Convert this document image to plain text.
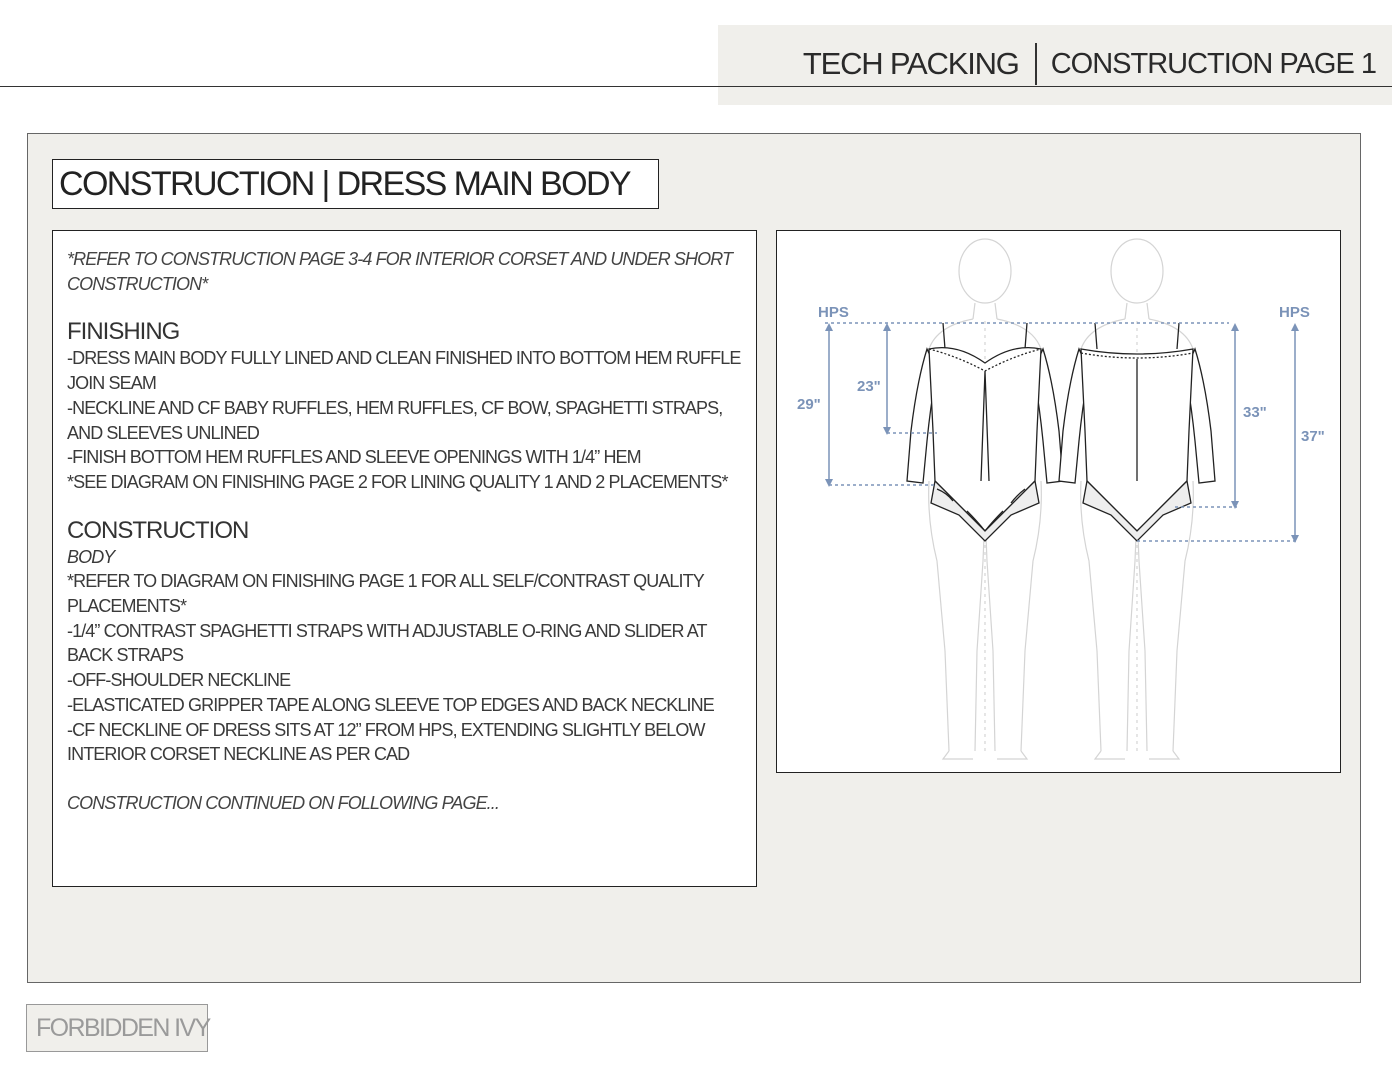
TECH PACKING CONSTRUCTION PAGE 1
CONSTRUCTION | DRESS MAIN BODY

*REFER TO CONSTRUCTION PAGE 3-4 FOR INTERIOR CORSET AND UNDER SHORT CONSTRUCTION*

FINISHING

-DRESS MAIN BODY FULLY LINED AND CLEAN FINISHED INTO BOTTOM HEM RUFFLE JOIN SEAM

-NECKLINE AND CF BABY RUFFLES, HEM RUFFLES, CF BOW, SPAGHETTI STRAPS, AND SLEEVES UNLINED

-FINISH BOTTOM HEM RUFFLES AND SLEEVE OPENINGS WITH 1/4” HEM

*SEE DIAGRAM ON FINISHING PAGE 2 FOR LINING QUALITY 1 AND 2 PLACEMENTS*

CONSTRUCTION

BODY

*REFER TO DIAGRAM ON FINISHING PAGE 1 FOR ALL SELF/CONTRAST QUALITY PLACEMENTS*

-1/4” CONTRAST SPAGHETTI STRAPS WITH ADJUSTABLE O-RING AND SLIDER AT BACK STRAPS

-OFF-SHOULDER NECKLINE

-ELASTICATED GRIPPER TAPE ALONG SLEEVE TOP EDGES AND BACK NECKLINE

-CF NECKLINE OF DRESS SITS AT 12” FROM HPS, EXTENDING SLIGHTLY BELOW INTERIOR CORSET NECKLINE AS PER CAD

CONSTRUCTION CONTINUED ON FOLLOWING PAGE...

HPS	HPS
29"
23"
33"
37"
FORBIDDEN IVY
